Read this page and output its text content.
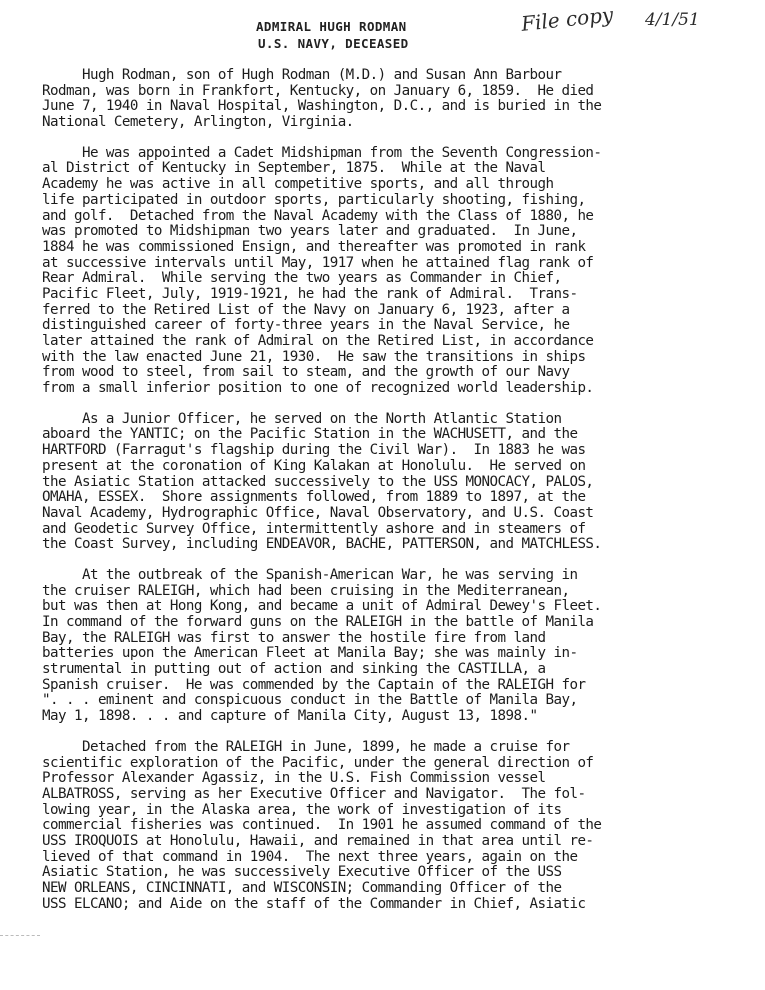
ADMIRAL HUGH RODMAN
U.S. NAVY, DECEASED
File copy 4/1/51
Hugh Rodman, son of Hugh Rodman (M.D.) and Susan Ann Barbour
Rodman, was born in Frankfort, Kentucky, on January 6, 1859.  He died
June 7, 1940 in Naval Hospital, Washington, D.C., and is buried in the
National Cemetery, Arlington, Virginia.
He was appointed a Cadet Midshipman from the Seventh Congression-
al District of Kentucky in September, 1875.  While at the Naval
Academy he was active in all competitive sports, and all through
life participated in outdoor sports, particularly shooting, fishing,
and golf.  Detached from the Naval Academy with the Class of 1880, he
was promoted to Midshipman two years later and graduated.  In June,
1884 he was commissioned Ensign, and thereafter was promoted in rank
at successive intervals until May, 1917 when he attained flag rank of
Rear Admiral.  While serving the two years as Commander in Chief,
Pacific Fleet, July, 1919-1921, he had the rank of Admiral.  Trans-
ferred to the Retired List of the Navy on January 6, 1923, after a
distinguished career of forty-three years in the Naval Service, he
later attained the rank of Admiral on the Retired List, in accordance
with the law enacted June 21, 1930.  He saw the transitions in ships
from wood to steel, from sail to steam, and the growth of our Navy
from a small inferior position to one of recognized world leadership.
As a Junior Officer, he served on the North Atlantic Station
aboard the YANTIC; on the Pacific Station in the WACHUSETT, and the
HARTFORD (Farragut's flagship during the Civil War).  In 1883 he was
present at the coronation of King Kalakan at Honolulu.  He served on
the Asiatic Station attacked successively to the USS MONOCACY, PALOS,
OMAHA, ESSEX.  Shore assignments followed, from 1889 to 1897, at the
Naval Academy, Hydrographic Office, Naval Observatory, and U.S. Coast
and Geodetic Survey Office, intermittently ashore and in steamers of
the Coast Survey, including ENDEAVOR, BACHE, PATTERSON, and MATCHLESS.
At the outbreak of the Spanish-American War, he was serving in
the cruiser RALEIGH, which had been cruising in the Mediterranean,
but was then at Hong Kong, and became a unit of Admiral Dewey's Fleet.
In command of the forward guns on the RALEIGH in the battle of Manila
Bay, the RALEIGH was first to answer the hostile fire from land
batteries upon the American Fleet at Manila Bay; she was mainly in-
strumental in putting out of action and sinking the CASTILLA, a
Spanish cruiser.  He was commended by the Captain of the RALEIGH for
". . . eminent and conspicuous conduct in the Battle of Manila Bay,
May 1, 1898. . . and capture of Manila City, August 13, 1898."
Detached from the RALEIGH in June, 1899, he made a cruise for
scientific exploration of the Pacific, under the general direction of
Professor Alexander Agassiz, in the U.S. Fish Commission vessel
ALBATROSS, serving as her Executive Officer and Navigator.  The fol-
lowing year, in the Alaska area, the work of investigation of its
commercial fisheries was continued.  In 1901 he assumed command of the
USS IROQUOIS at Honolulu, Hawaii, and remained in that area until re-
lieved of that command in 1904.  The next three years, again on the
Asiatic Station, he was successively Executive Officer of the USS
NEW ORLEANS, CINCINNATI, and WISCONSIN; Commanding Officer of the
USS ELCANO; and Aide on the staff of the Commander in Chief, Asiatic
